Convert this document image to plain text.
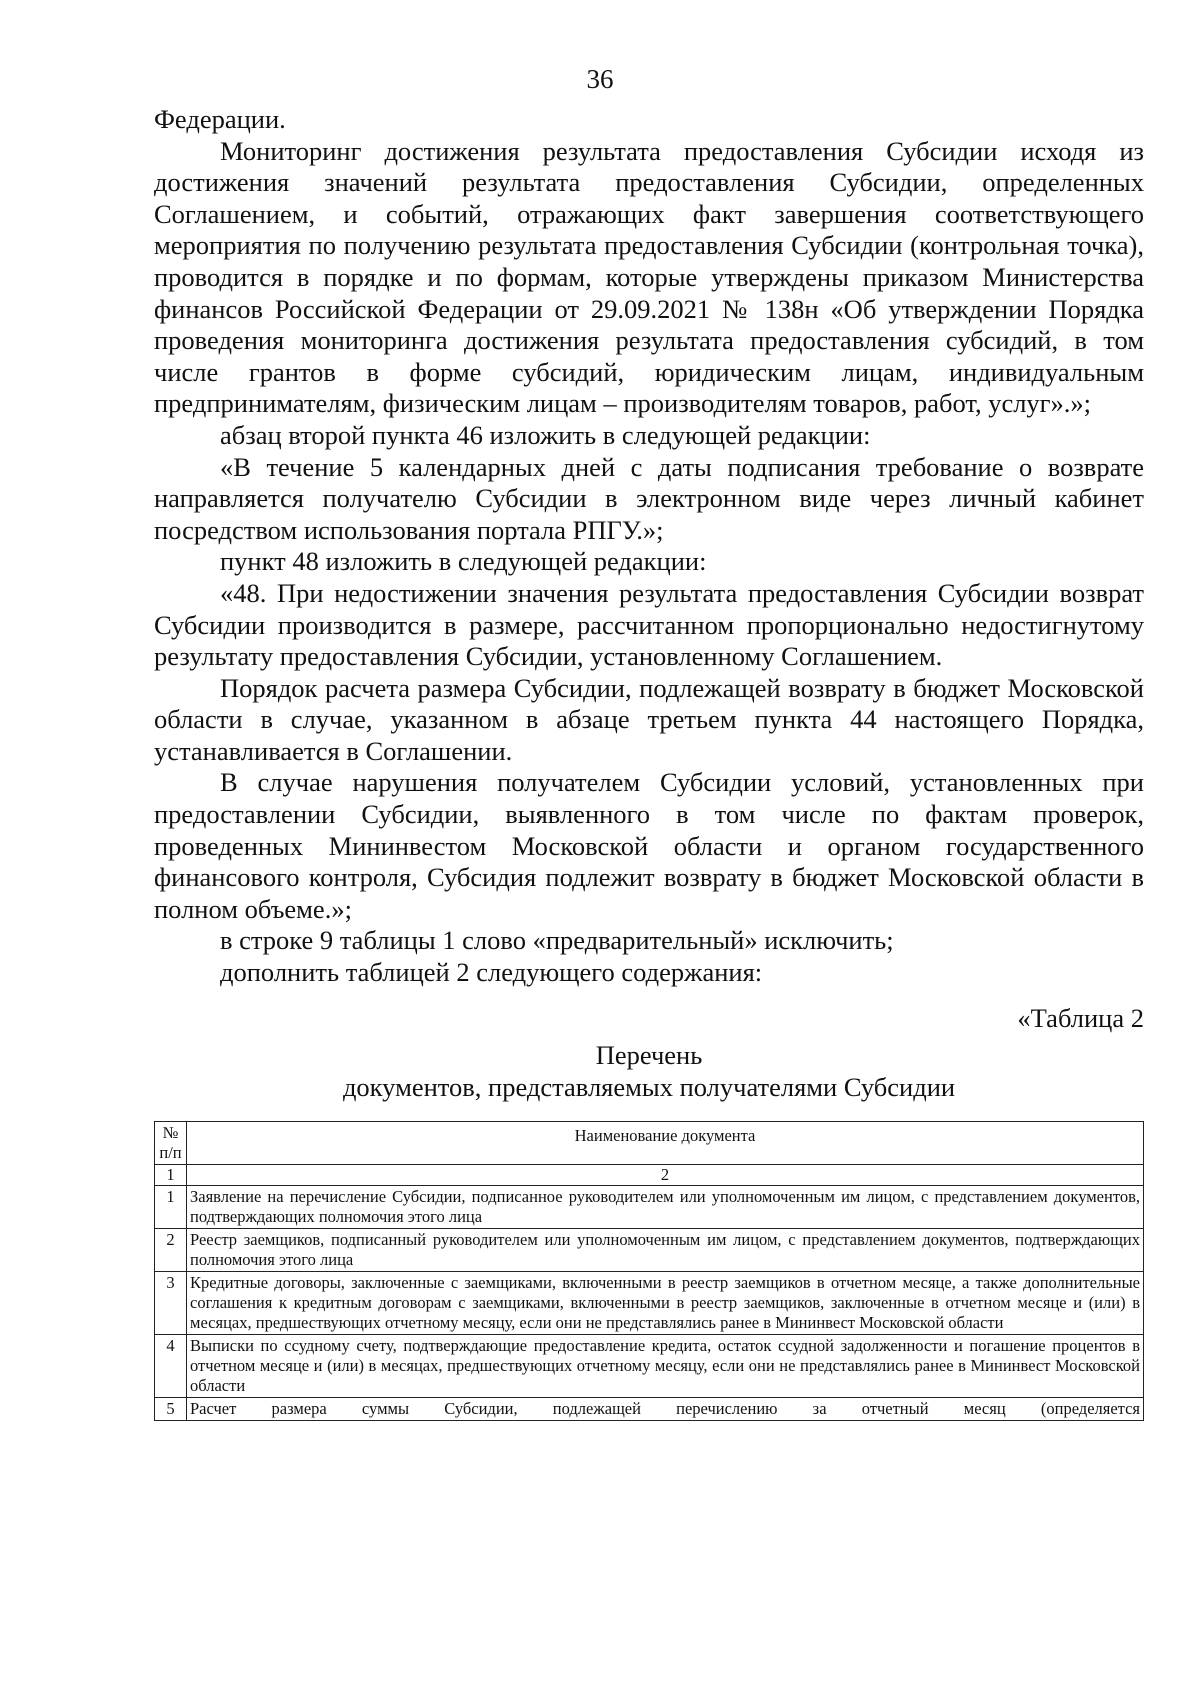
36

Федерации.

Мониторинг достижения результата предоставления Субсидии исходя из достижения значений результата предоставления Субсидии, определенных Соглашением, и событий, отражающих факт завершения соответствующего мероприятия по получению результата предоставления Субсидии (контрольная точка), проводится в порядке и по формам, которые утверждены приказом Министерства финансов Российской Федерации от 29.09.2021 № 138н «Об утверждении Порядка проведения мониторинга достижения результата предоставления субсидий, в том числе грантов в форме субсидий, юридическим лицам, индивидуальным предпринимателям, физическим лицам – производителям товаров, работ, услуг».»;

абзац второй пункта 46 изложить в следующей редакции:

«В течение 5 календарных дней с даты подписания требование о возврате направляется получателю Субсидии в электронном виде через личный кабинет посредством использования портала РПГУ.»;

пункт 48 изложить в следующей редакции:

«48. При недостижении значения результата предоставления Субсидии возврат Субсидии производится в размере, рассчитанном пропорционально недостигнутому результату предоставления Субсидии, установленному Соглашением.

Порядок расчета размера Субсидии, подлежащей возврату в бюджет Московской области в случае, указанном в абзаце третьем пункта 44 настоящего Порядка, устанавливается в Соглашении.

В случае нарушения получателем Субсидии условий, установленных при предоставлении Субсидии, выявленного в том числе по фактам проверок, проведенных Мининвестом Московской области и органом государственного финансового контроля, Субсидия подлежит возврату в бюджет Московской области в полном объеме.»;

в строке 9 таблицы 1 слово «предварительный» исключить;

дополнить таблицей 2 следующего содержания:

«Таблица 2

Перечень

документов, представляемых получателями Субсидии

№ п/п	Наименование документа
1	2
1	Заявление на перечисление Субсидии, подписанное руководителем или уполномоченным им лицом, с представлением документов, подтверждающих полномочия этого лица
2	Реестр заемщиков, подписанный руководителем или уполномоченным им лицом, с представлением документов, подтверждающих полномочия этого лица
3	Кредитные договоры, заключенные с заемщиками, включенными в реестр заемщиков в отчетном месяце, а также дополнительные соглашения к кредитным договорам с заемщиками, включенными в реестр заемщиков, заключенные в отчетном месяце и (или) в месяцах, предшествующих отчетному месяцу, если они не представлялись ранее в Мининвест Московской области
4	Выписки по ссудному счету, подтверждающие предоставление кредита, остаток ссудной задолженности и погашение процентов в отчетном месяце и (или) в месяцах, предшествующих отчетному месяцу, если они не представлялись ранее в Мининвест Московской области
5	Расчет размера суммы Субсидии, подлежащей перечислению за отчетный месяц (определяется
